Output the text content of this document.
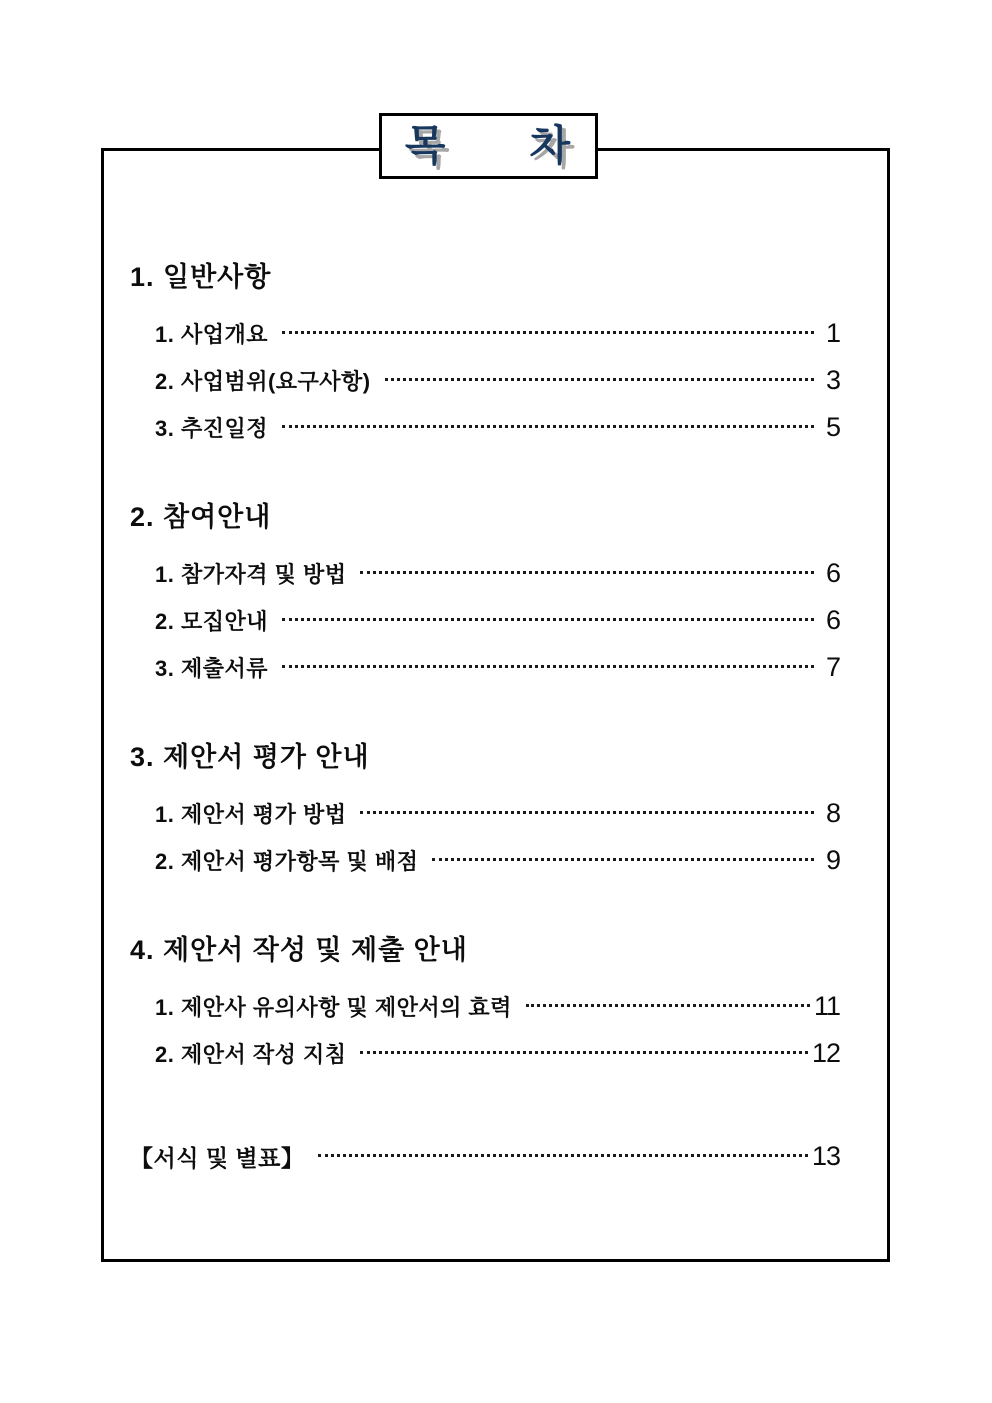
목      차
1. 일반사항
1. 사업개요	1
2. 사업범위(요구사항)	3
3. 추진일정	5
2. 참여안내
1. 참가자격 및 방법	6
2. 모집안내	6
3. 제출서류	7
3. 제안서 평가 안내
1. 제안서 평가 방법	8
2. 제안서 평가항목 및 배점	9
4. 제안서 작성 및 제출 안내
1. 제안사 유의사항 및 제안서의 효력	11
2. 제안서 작성 지침	12
【서식 및 별표】	13
